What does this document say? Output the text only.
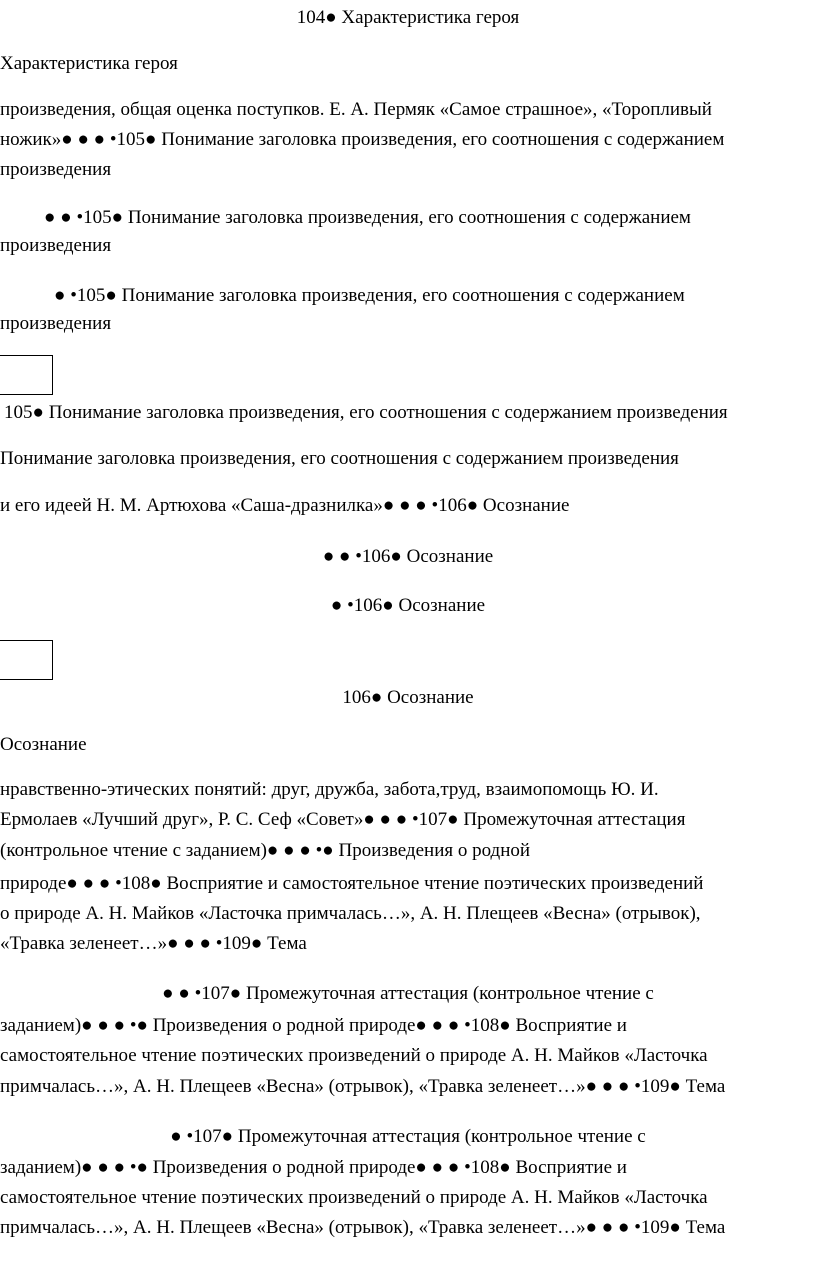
104● Характеристика героя
Характеристика героя
произведения, общая оценка поступков. Е. А. Пермяк «Самое страшное», «Торопливый
ножик»● ● ● •105● Понимание заголовка произведения, его соотношения с содержанием
произведения
● ● •105● Понимание заголовка произведения, его соотношения с содержанием
произведения
● •105● Понимание заголовка произведения, его соотношения с содержанием
произведения
105● Понимание заголовка произведения, его соотношения с содержанием произведения
Понимание заголовка произведения, его соотношения с содержанием произведения
и его идеей Н. М. Артюхова «Саша-дразнилка»● ● ● •106● Осознание
● ● •106● Осознание
● •106● Осознание
106● Осознание
Осознание
нравственно-этических понятий: друг, дружба, забота,труд, взаимопомощь Ю. И.
Ермолаев «Лучший друг», Р. С. Сеф «Совет»● ● ● •107● Промежуточная аттестация
(контрольное чтение с заданием)● ● ● •● Произведения о родной
природе● ● ● •108● Восприятие и самостоятельное чтение поэтических произведений
о природе А. Н. Майков «Ласточка примчалась…», А. Н. Плещеев «Весна» (отрывок),
«Травка зеленеет…»● ● ● •109● Тема
● ● •107● Промежуточная аттестация (контрольное чтение с
заданием)● ● ● •● Произведения о родной природе● ● ● •108● Восприятие и
самостоятельное чтение поэтических произведений о природе А. Н. Майков «Ласточка
примчалась…», А. Н. Плещеев «Весна» (отрывок), «Травка зеленеет…»● ● ● •109● Тема
● •107● Промежуточная аттестация (контрольное чтение с
заданием)● ● ● •● Произведения о родной природе● ● ● •108● Восприятие и
самостоятельное чтение поэтических произведений о природе А. Н. Майков «Ласточка
примчалась…», А. Н. Плещеев «Весна» (отрывок), «Травка зеленеет…»● ● ● •109● Тема
